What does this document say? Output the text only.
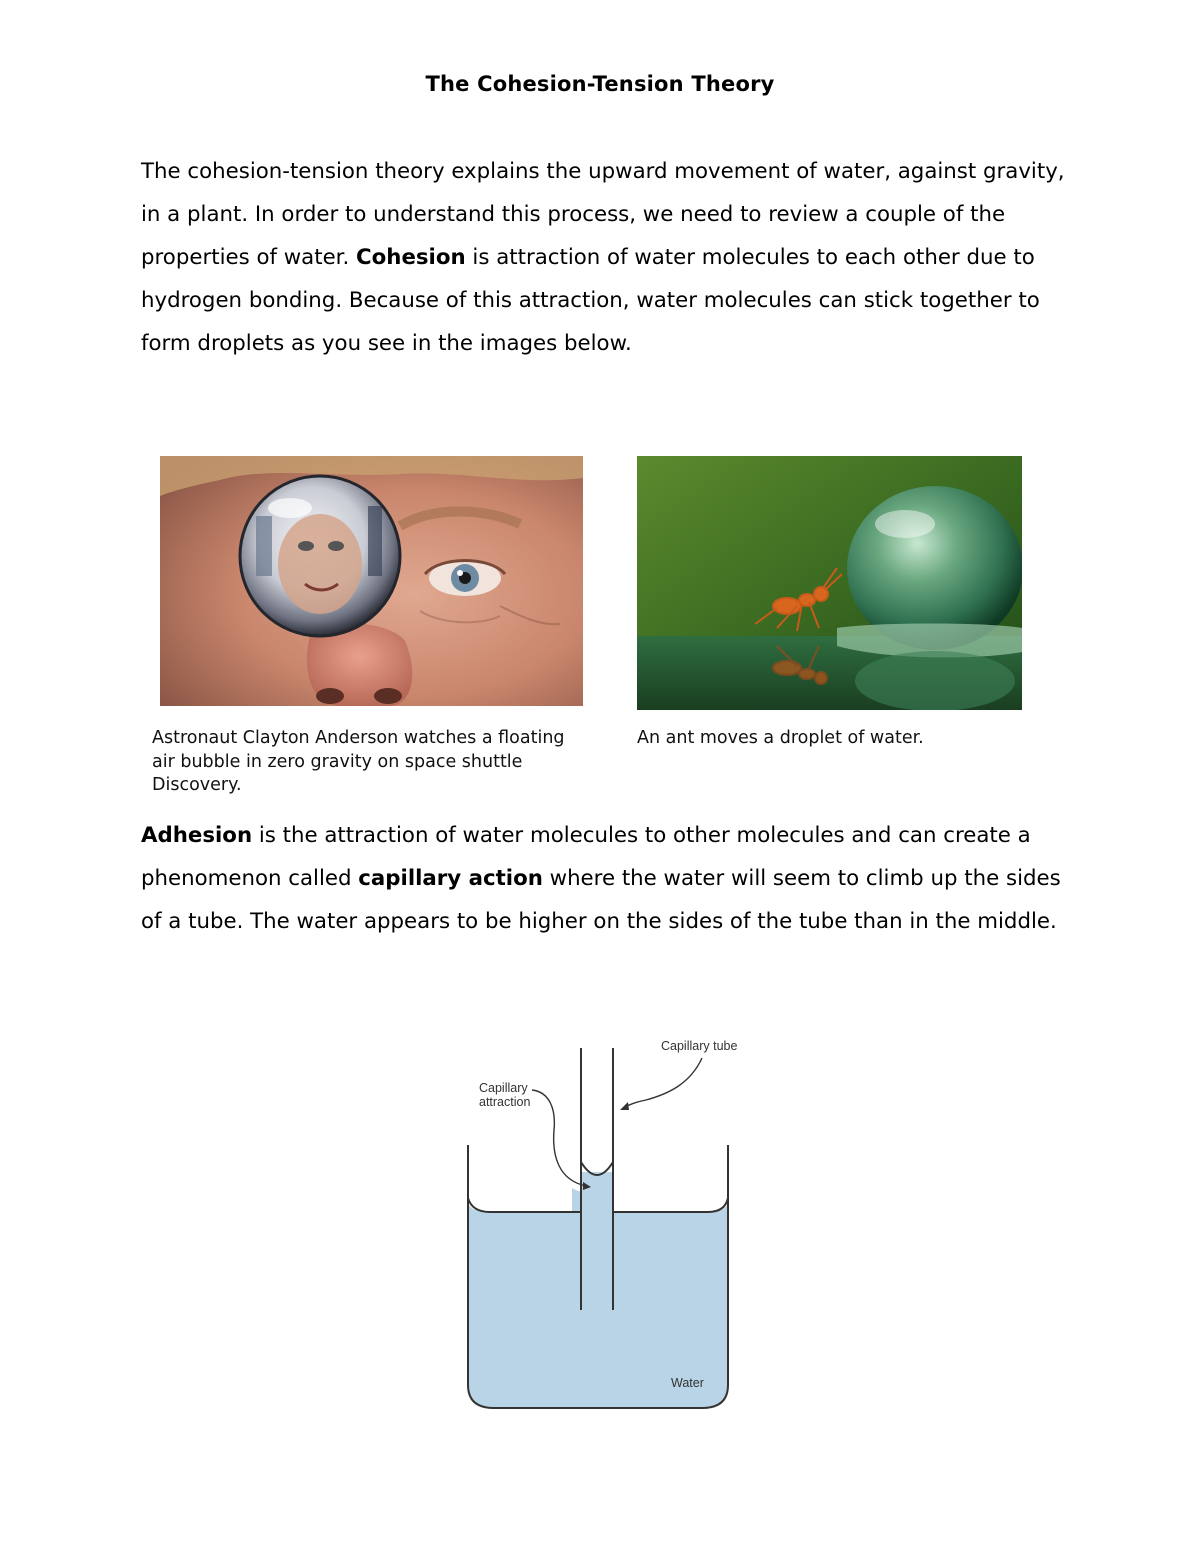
The Cohesion-Tension Theory
The cohesion-tension theory explains the upward movement of water, against gravity, in a plant. In order to understand this process, we need to review a couple of the properties of water. Cohesion is attraction of water molecules to each other due to hydrogen bonding. Because of this attraction, water molecules can stick together to form droplets as you see in the images below.
Astronaut Clayton Anderson watches a floating air bubble in zero gravity on space shuttle Discovery.
An ant moves a droplet of water.
Adhesion is the attraction of water molecules to other molecules and can create a phenomenon called capillary action where the water will seem to climb up the sides of a tube. The water appears to be higher on the sides of the tube than in the middle.
Capillary tube
Capillary attraction
Water
